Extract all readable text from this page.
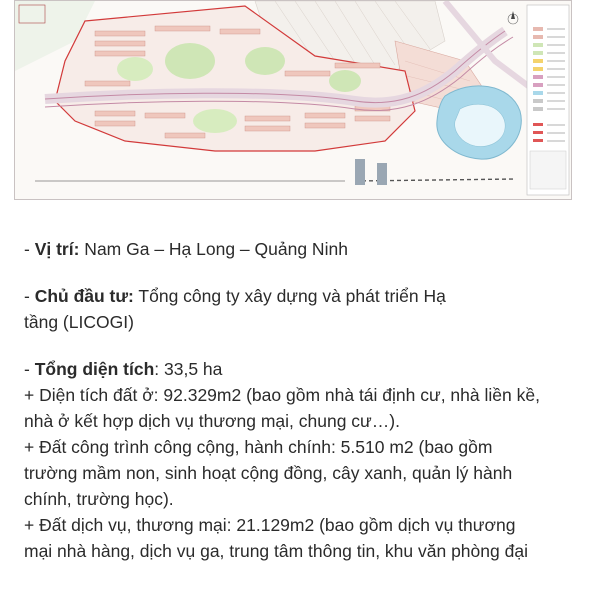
- Vị trí: Nam Ga – Hạ Long – Quảng Ninh

- Chủ đầu tư: Tổng công ty xây dựng và phát triển Hạ
tầng (LICOGI)

- Tổng diện tích: 33,5 ha
+ Diện tích đất ở: 92.329m2 (bao gồm nhà tái định cư, nhà liền kề,
nhà ở kết hợp dịch vụ thương mại, chung cư…).
+ Đất công trình công cộng, hành chính: 5.510 m2 (bao gồm
trường mầm non, sinh hoạt cộng đồng, cây xanh, quản lý hành
chính, trường học).
+ Đất dịch vụ, thương mại: 21.129m2 (bao gồm dịch vụ thương
mại nhà hàng, dịch vụ ga, trung tâm thông tin, khu văn phòng đại
